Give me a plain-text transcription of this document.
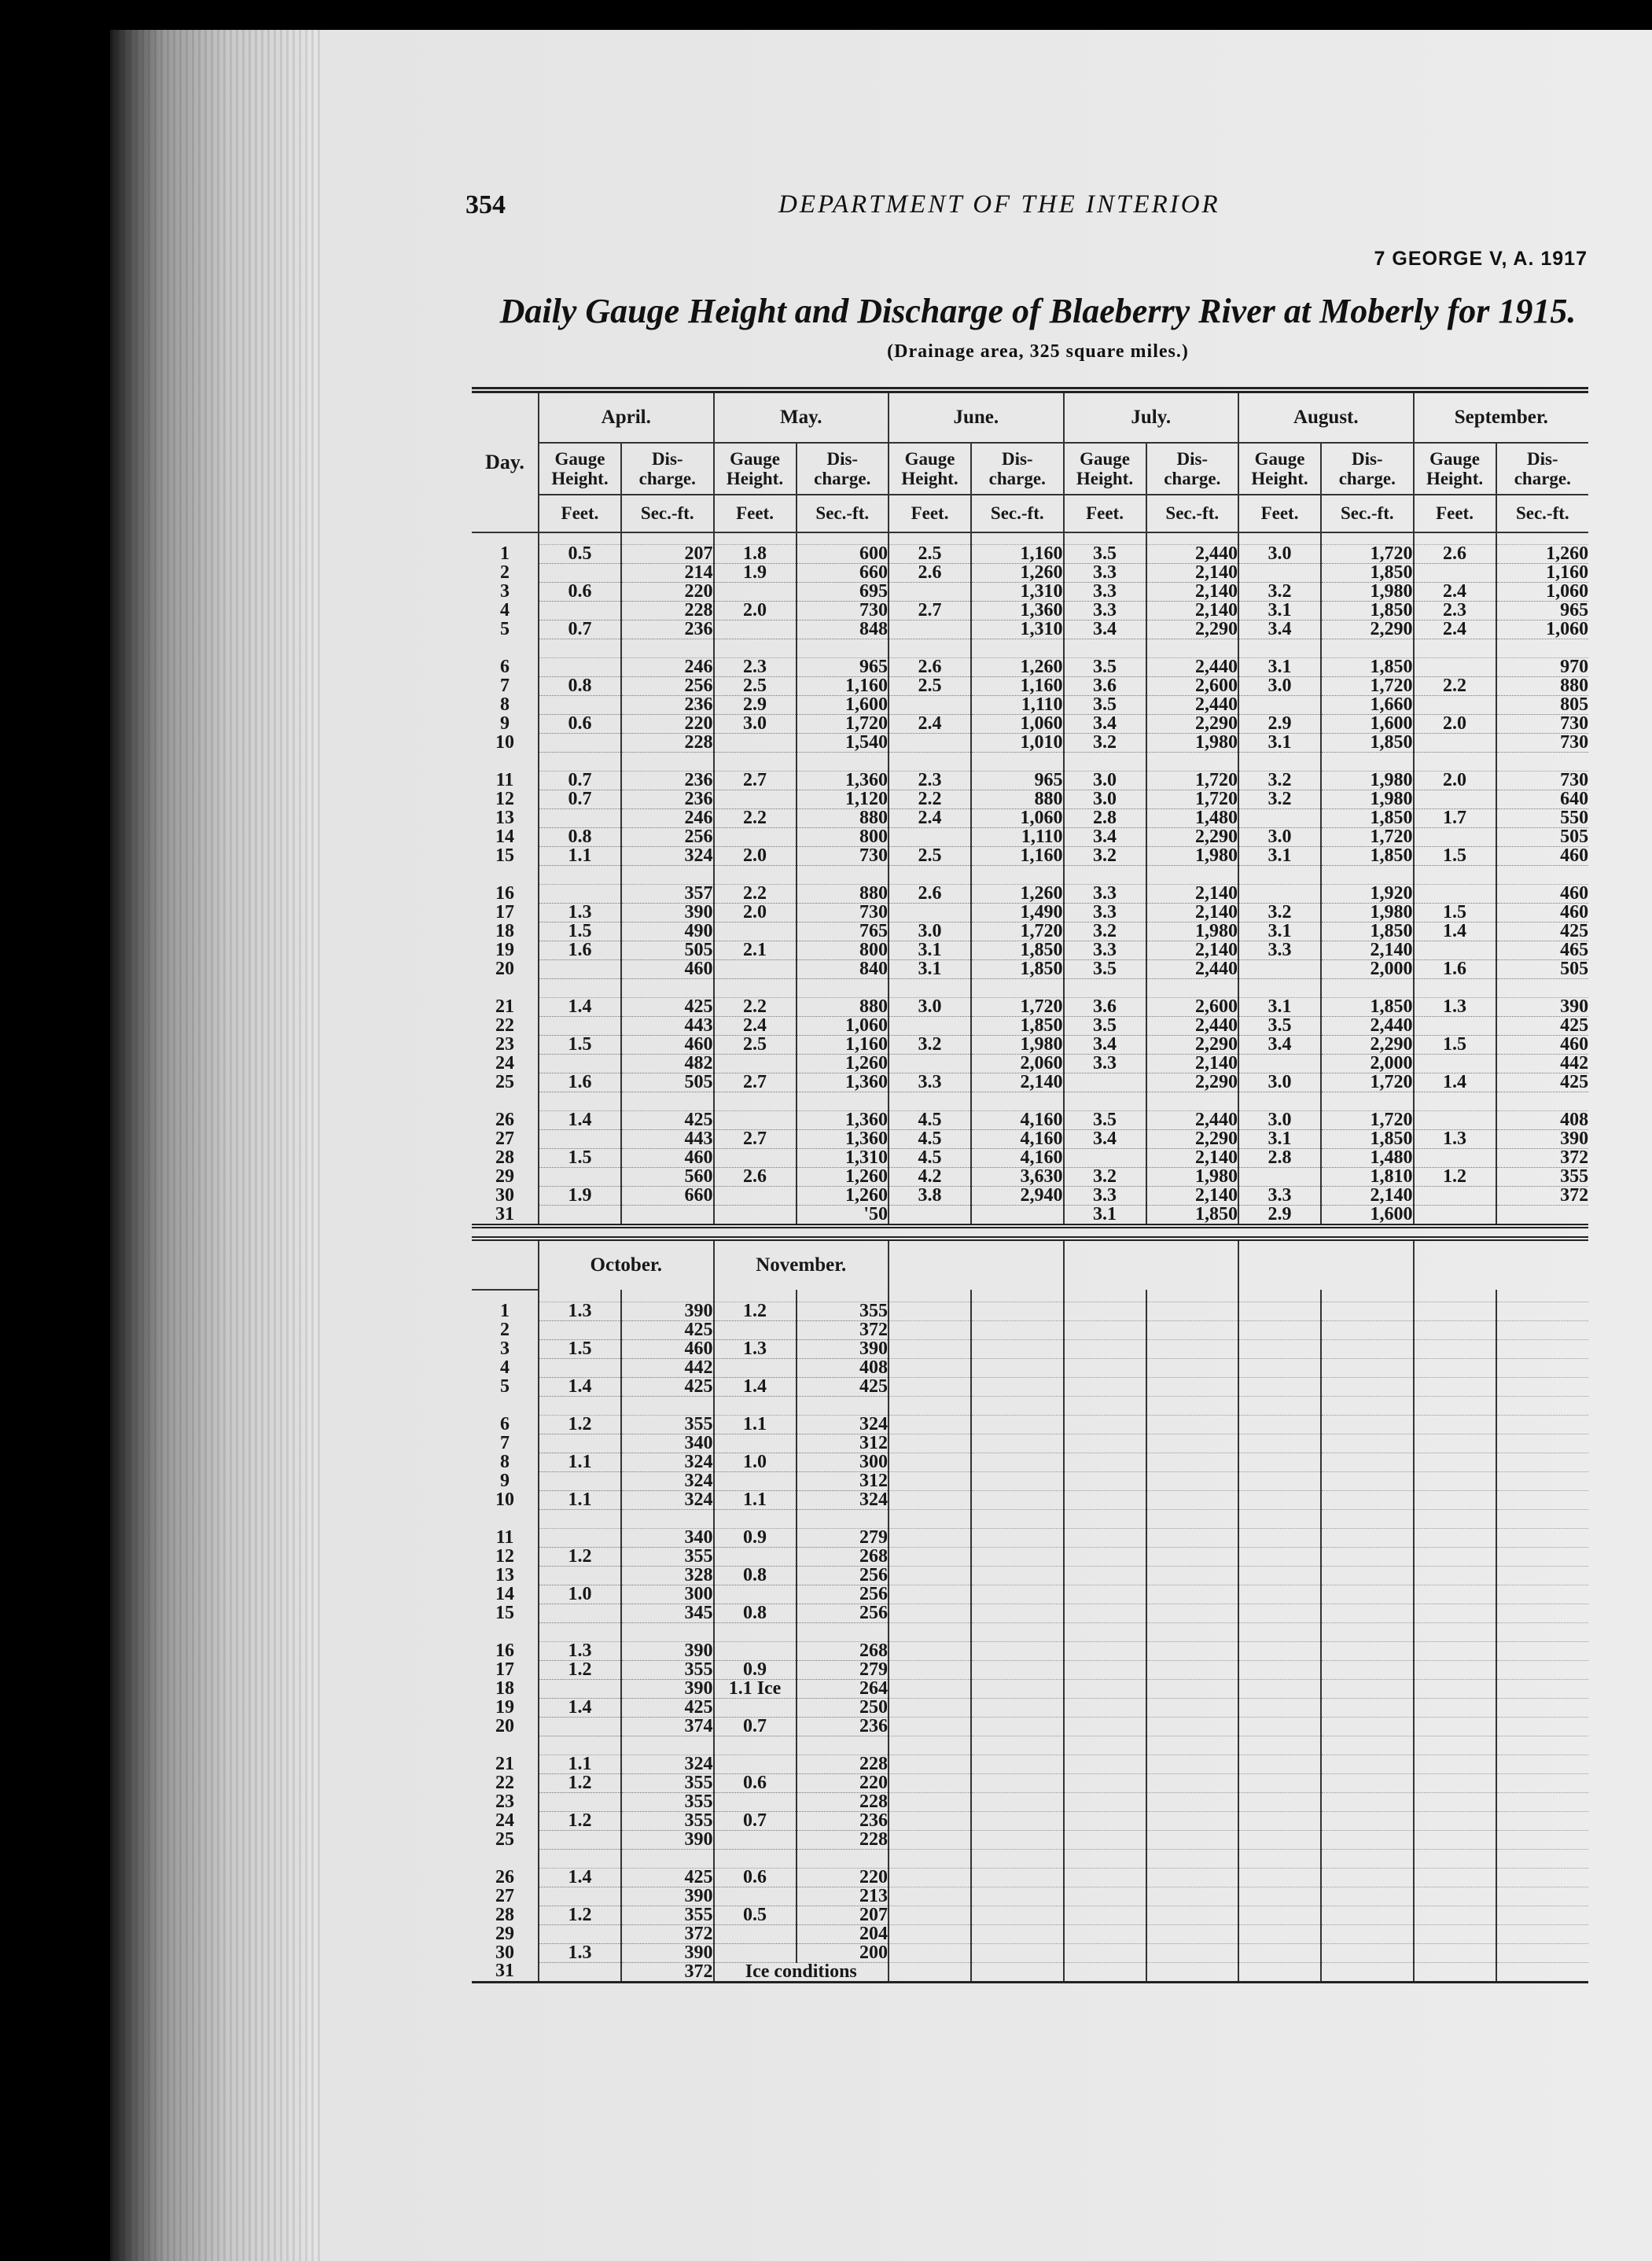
354	DEPARTMENT OF THE INTERIOR
7 GEORGE V, A. 1917
Daily Gauge Height and Discharge of Blaeberry River at Moberly for 1915.
(Drainage area, 325 square miles.)
Day.	April.		May.		June.		July.		August.		September.	
	Gauge
Height.	Dis-
charge.	Gauge
Height.	Dis-
charge.	Gauge
Height.	Dis-
charge.	Gauge
Height.	Dis-
charge.	Gauge
Height.	Dis-
charge.	Gauge
Height.	Dis-
charge.
	Feet.	Sec.-ft.	Feet.	Sec.-ft.	Feet.	Sec.-ft.	Feet.	Sec.-ft.	Feet.	Sec.-ft.	Feet.	Sec.-ft.

1	0.5	207	1.8	600	2.5	1,160	3.5	2,440	3.0	1,720	2.6	1,260
2		214	1.9	660	2.6	1,260	3.3	2,140		1,850		1,160
3	0.6	220		695		1,310	3.3	2,140	3.2	1,980	2.4	1,060
4		228	2.0	730	2.7	1,360	3.3	2,140	3.1	1,850	2.3	965
5	0.7	236		848		1,310	3.4	2,290	3.4	2,290	2.4	1,060

6		246	2.3	965	2.6	1,260	3.5	2,440	3.1	1,850		970
7	0.8	256	2.5	1,160	2.5	1,160	3.6	2,600	3.0	1,720	2.2	880
8		236	2.9	1,600		1,110	3.5	2,440		1,660		805
9	0.6	220	3.0	1,720	2.4	1,060	3.4	2,290	2.9	1,600	2.0	730
10		228		1,540		1,010	3.2	1,980	3.1	1,850		730

11	0.7	236	2.7	1,360	2.3	965	3.0	1,720	3.2	1,980	2.0	730
12	0.7	236		1,120	2.2	880	3.0	1,720	3.2	1,980		640
13		246	2.2	880	2.4	1,060	2.8	1,480		1,850	1.7	550
14	0.8	256		800		1,110	3.4	2,290	3.0	1,720		505
15	1.1	324	2.0	730	2.5	1,160	3.2	1,980	3.1	1,850	1.5	460

16		357	2.2	880	2.6	1,260	3.3	2,140		1,920		460
17	1.3	390	2.0	730		1,490	3.3	2,140	3.2	1,980	1.5	460
18	1.5	490		765	3.0	1,720	3.2	1,980	3.1	1,850	1.4	425
19	1.6	505	2.1	800	3.1	1,850	3.3	2,140	3.3	2,140		465
20		460		840	3.1	1,850	3.5	2,440		2,000	1.6	505

21	1.4	425	2.2	880	3.0	1,720	3.6	2,600	3.1	1,850	1.3	390
22		443	2.4	1,060		1,850	3.5	2,440	3.5	2,440		425
23	1.5	460	2.5	1,160	3.2	1,980	3.4	2,290	3.4	2,290	1.5	460
24		482		1,260		2,060	3.3	2,140		2,000		442
25	1.6	505	2.7	1,360	3.3	2,140		2,290	3.0	1,720	1.4	425

26	1.4	425		1,360	4.5	4,160	3.5	2,440	3.0	1,720		408
27		443	2.7	1,360	4.5	4,160	3.4	2,290	3.1	1,850	1.3	390
28	1.5	460		1,310	4.5	4,160		2,140	2.8	1,480		372
29		560	2.6	1,260	4.2	3,630	3.2	1,980		1,810	1.2	355
30	1.9	660		1,260	3.8	2,940	3.3	2,140	3.3	2,140		372
31				'50			3.1	1,850	2.9	1,600		
	October.		November.									

1	1.3	390	1.2	355								
2		425		372								
3	1.5	460	1.3	390								
4		442		408								
5	1.4	425	1.4	425								

6	1.2	355	1.1	324								
7		340		312								
8	1.1	324	1.0	300								
9		324		312								
10	1.1	324	1.1	324								

11		340	0.9	279								
12	1.2	355		268								
13		328	0.8	256								
14	1.0	300		256								
15		345	0.8	256								

16	1.3	390		268								
17	1.2	355	0.9	279								
18		390	1.1 Ice	264								
19	1.4	425		250								
20		374	0.7	236								

21	1.1	324		228								
22	1.2	355	0.6	220								
23		355		228								
24	1.2	355	0.7	236								
25		390		228								

26	1.4	425	0.6	220								
27		390		213								
28	1.2	355	0.5	207								
29		372		204								
30	1.3	390		200								
31		372	Ice conditions									
